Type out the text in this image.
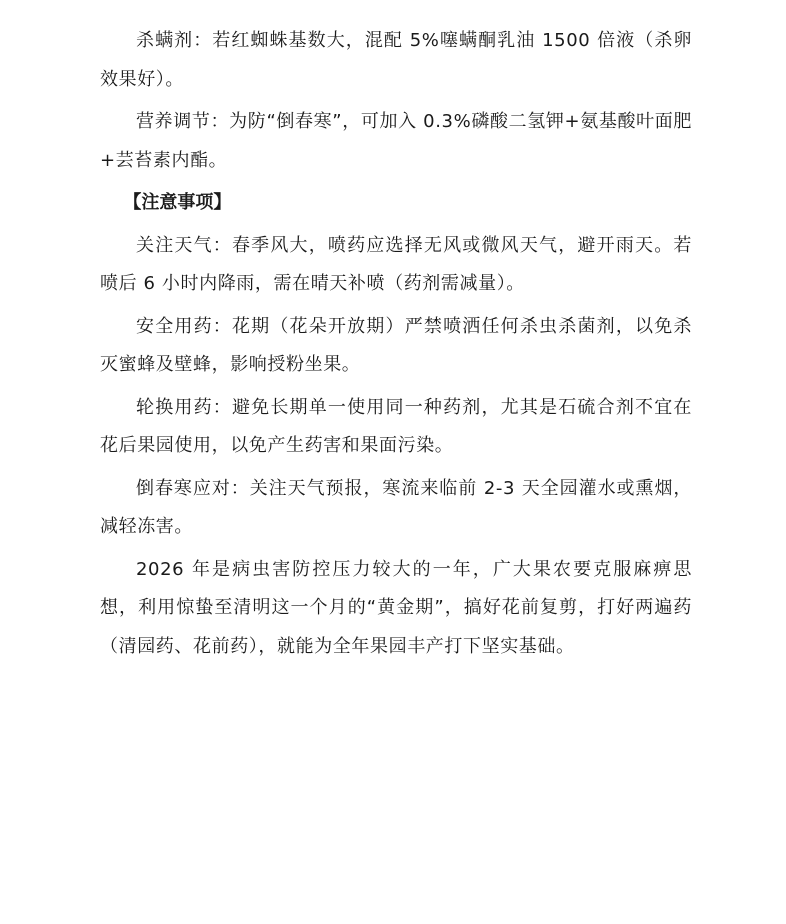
杀螨剂：若红蜘蛛基数大，混配 5%噻螨酮乳油 1500 倍液（杀卵效果好）。

营养调节：为防“倒春寒”，可加入 0.3%磷酸二氢钾+氨基酸叶面肥+芸苔素内酯。

【注意事项】

关注天气：春季风大，喷药应选择无风或微风天气，避开雨天。若喷后 6 小时内降雨，需在晴天补喷（药剂需减量）。

安全用药：花期（花朵开放期）严禁喷洒任何杀虫杀菌剂，以免杀灭蜜蜂及壁蜂，影响授粉坐果。

轮换用药：避免长期单一使用同一种药剂，尤其是石硫合剂不宜在花后果园使用，以免产生药害和果面污染。

倒春寒应对：关注天气预报，寒流来临前 2-3 天全园灌水或熏烟，减轻冻害。

2026 年是病虫害防控压力较大的一年，广大果农要克服麻痹思想，利用惊蛰至清明这一个月的“黄金期”，搞好花前复剪，打好两遍药（清园药、花前药），就能为全年果园丰产打下坚实基础。
